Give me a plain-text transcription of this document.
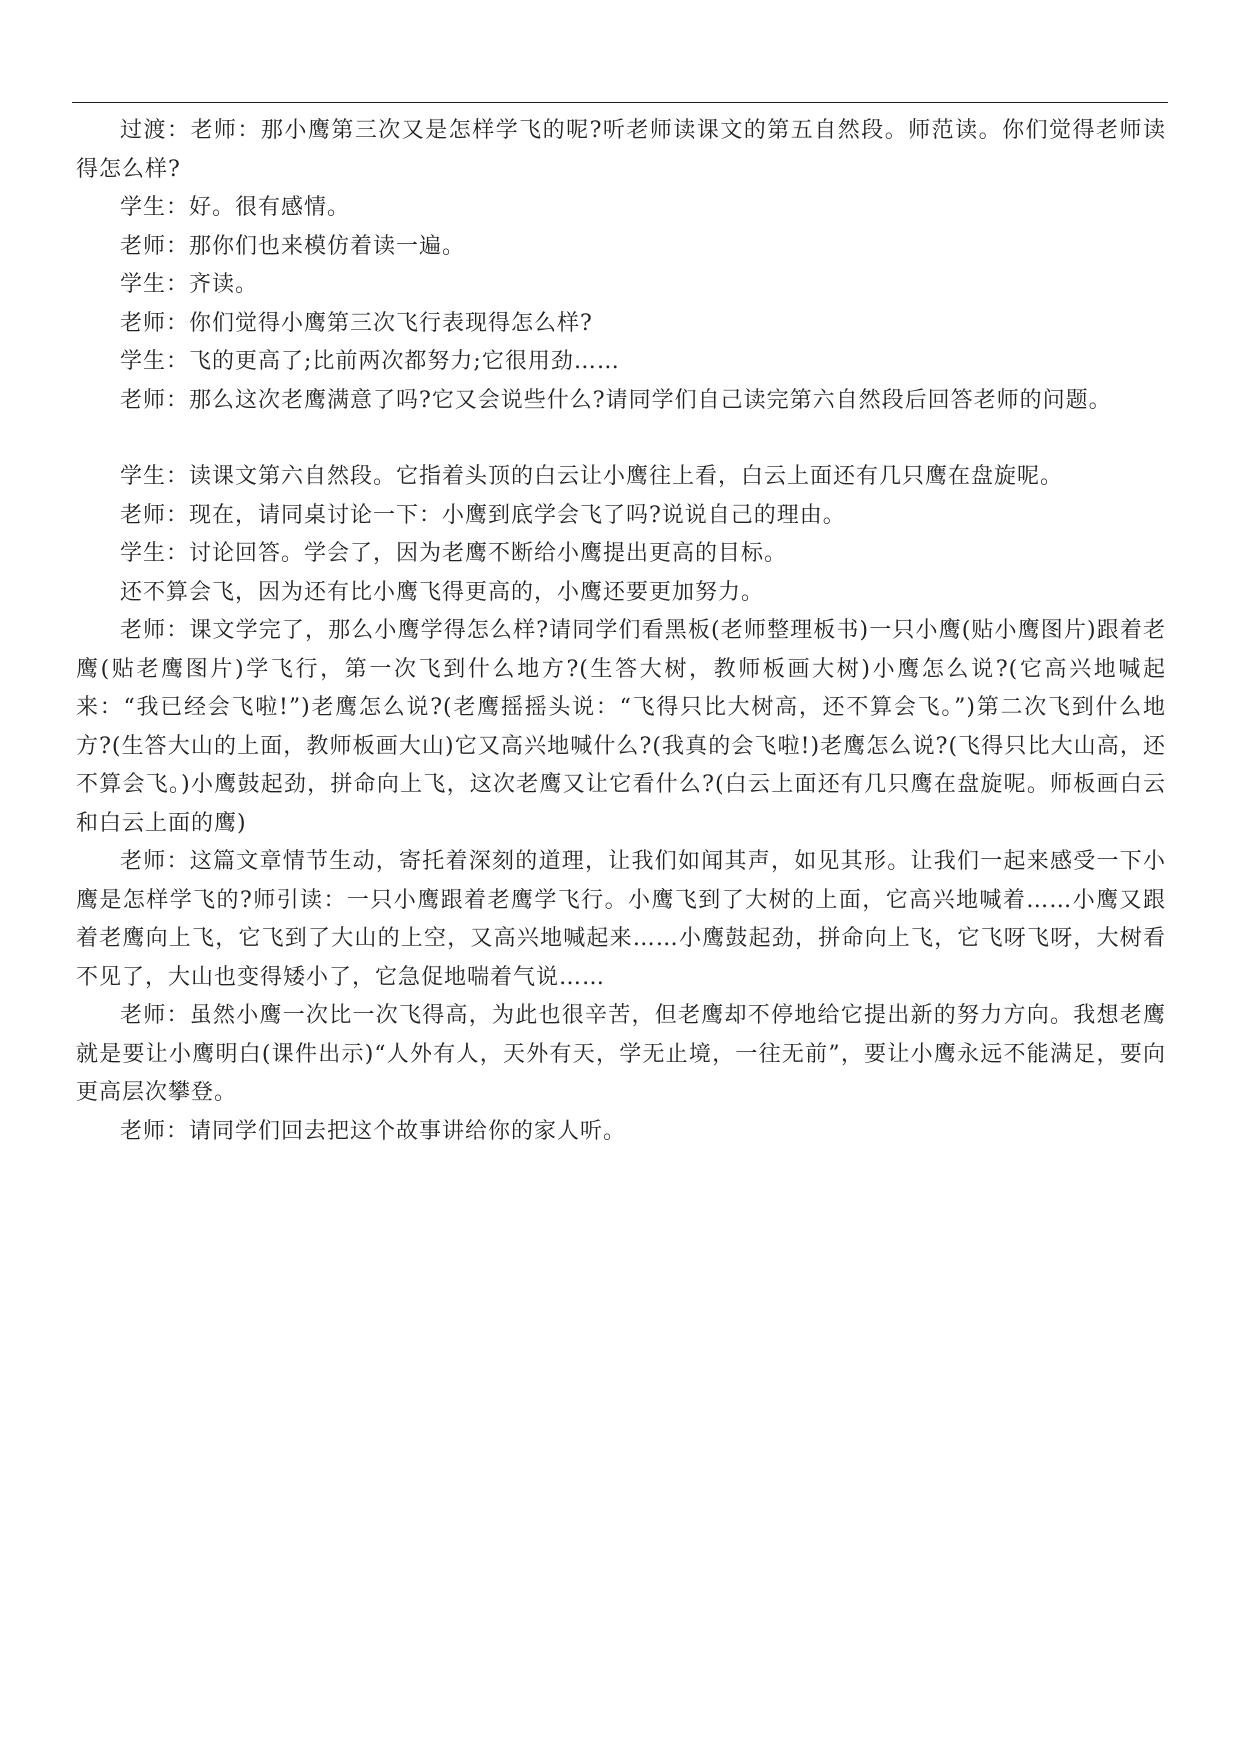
过渡：老师：那小鹰第三次又是怎样学飞的呢?听老师读课文的第五自然段。师范读。你们觉得老师读得怎么样?

学生：好。很有感情。

老师：那你们也来模仿着读一遍。

学生：齐读。

老师：你们觉得小鹰第三次飞行表现得怎么样?

学生：飞的更高了;比前两次都努力;它很用劲……

老师：那么这次老鹰满意了吗?它又会说些什么?请同学们自己读完第六自然段后回答老师的问题。

学生：读课文第六自然段。它指着头顶的白云让小鹰往上看，白云上面还有几只鹰在盘旋呢。

老师：现在，请同桌讨论一下：小鹰到底学会飞了吗?说说自己的理由。

学生：讨论回答。学会了，因为老鹰不断给小鹰提出更高的目标。

还不算会飞，因为还有比小鹰飞得更高的，小鹰还要更加努力。

老师：课文学完了，那么小鹰学得怎么样?请同学们看黑板(老师整理板书)一只小鹰(贴小鹰图片)跟着老鹰(贴老鹰图片)学飞行，第一次飞到什么地方?(生答大树，教师板画大树)小鹰怎么说?(它高兴地喊起来：“我已经会飞啦!”)老鹰怎么说?(老鹰摇摇头说：“飞得只比大树高，还不算会飞。”)第二次飞到什么地方?(生答大山的上面，教师板画大山)它又高兴地喊什么?(我真的会飞啦!)老鹰怎么说?(飞得只比大山高，还不算会飞。)小鹰鼓起劲，拼命向上飞，这次老鹰又让它看什么?(白云上面还有几只鹰在盘旋呢。师板画白云和白云上面的鹰)

老师：这篇文章情节生动，寄托着深刻的道理，让我们如闻其声，如见其形。让我们一起来感受一下小鹰是怎样学飞的?师引读：一只小鹰跟着老鹰学飞行。小鹰飞到了大树的上面，它高兴地喊着……小鹰又跟着老鹰向上飞，它飞到了大山的上空，又高兴地喊起来……小鹰鼓起劲，拼命向上飞，它飞呀飞呀，大树看不见了，大山也变得矮小了，它急促地喘着气说……

老师：虽然小鹰一次比一次飞得高，为此也很辛苦，但老鹰却不停地给它提出新的努力方向。我想老鹰就是要让小鹰明白(课件出示)“人外有人，天外有天，学无止境，一往无前”，要让小鹰永远不能满足，要向更高层次攀登。

老师：请同学们回去把这个故事讲给你的家人听。
